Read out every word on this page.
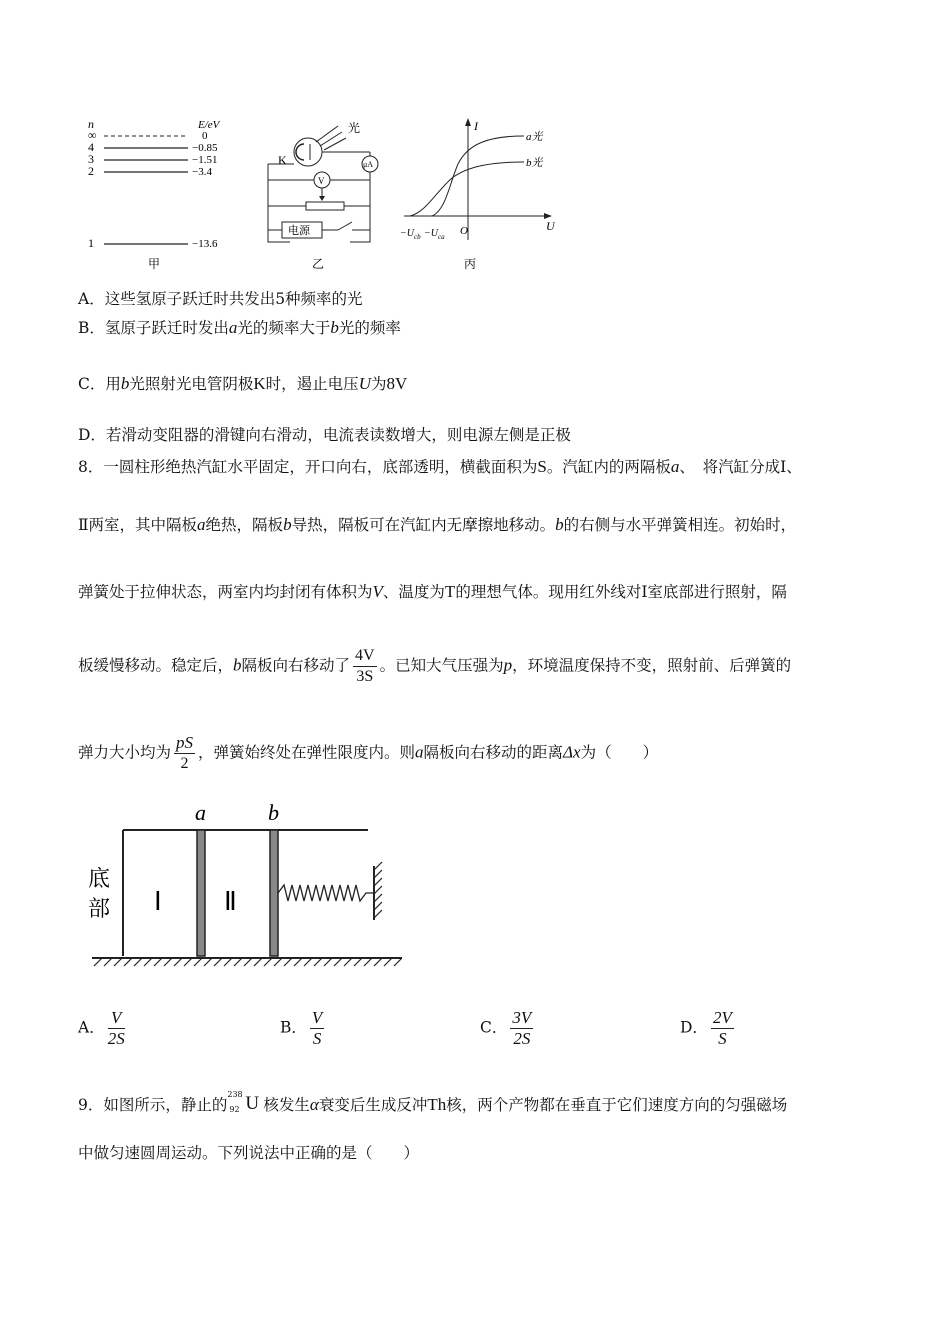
n	E/eV
∞	0
4	−0.85
3	−1.51
2	−3.4
1	−13.6
甲
光
K	μA
V
电源
乙
I
U
O
a光
b光
$-U_{cb} -U_{ca}$
丙
A．这些氢原子跃迁时共发出5种频率的光
B．氢原子跃迁时发出a光的频率大于b光的频率
C．用b光照射光电管阴极K时，遏止电压U为8V
D．若滑动变阻器的滑键向右滑动，电流表读数增大，则电源左侧是正极
8．一圆柱形绝热汽缸水平固定，开口向右，底部透明，横截面积为S。汽缸内的两隔板a、　将汽缸分成Ⅰ、
Ⅱ两室，其中隔板a绝热，隔板b导热，隔板可在汽缸内无摩擦地移动。b的右侧与水平弹簧相连。初始时，
弹簧处于拉伸状态，两室内均封闭有体积为V、温度为T的理想气体。现用红外线对Ⅰ室底部进行照射，隔
板缓慢移动。稳定后，b隔板向右移动了 $\frac{4V}{3S}$ 。已知大气压强为p，环境温度保持不变，照射前、后弹簧的
弹力大小均为 $\frac{pS}{2}$ ，弹簧始终处在弹性限度内。则a隔板向右移动的距离Δx为（　　）
a	b
底
部 Ⅰ Ⅱ
A． $\frac{V}{2S}$	B． $\frac{V}{S}$	C． $\frac{3V}{2S}$	D． $\frac{2V}{S}$
9．如图所示，静止的
238
92 U 核发生α衰变后生成反冲Th核，两个产物都在垂直于它们速度方向的匀强磁场
中做匀速圆周运动。下列说法中正确的是（　　）
